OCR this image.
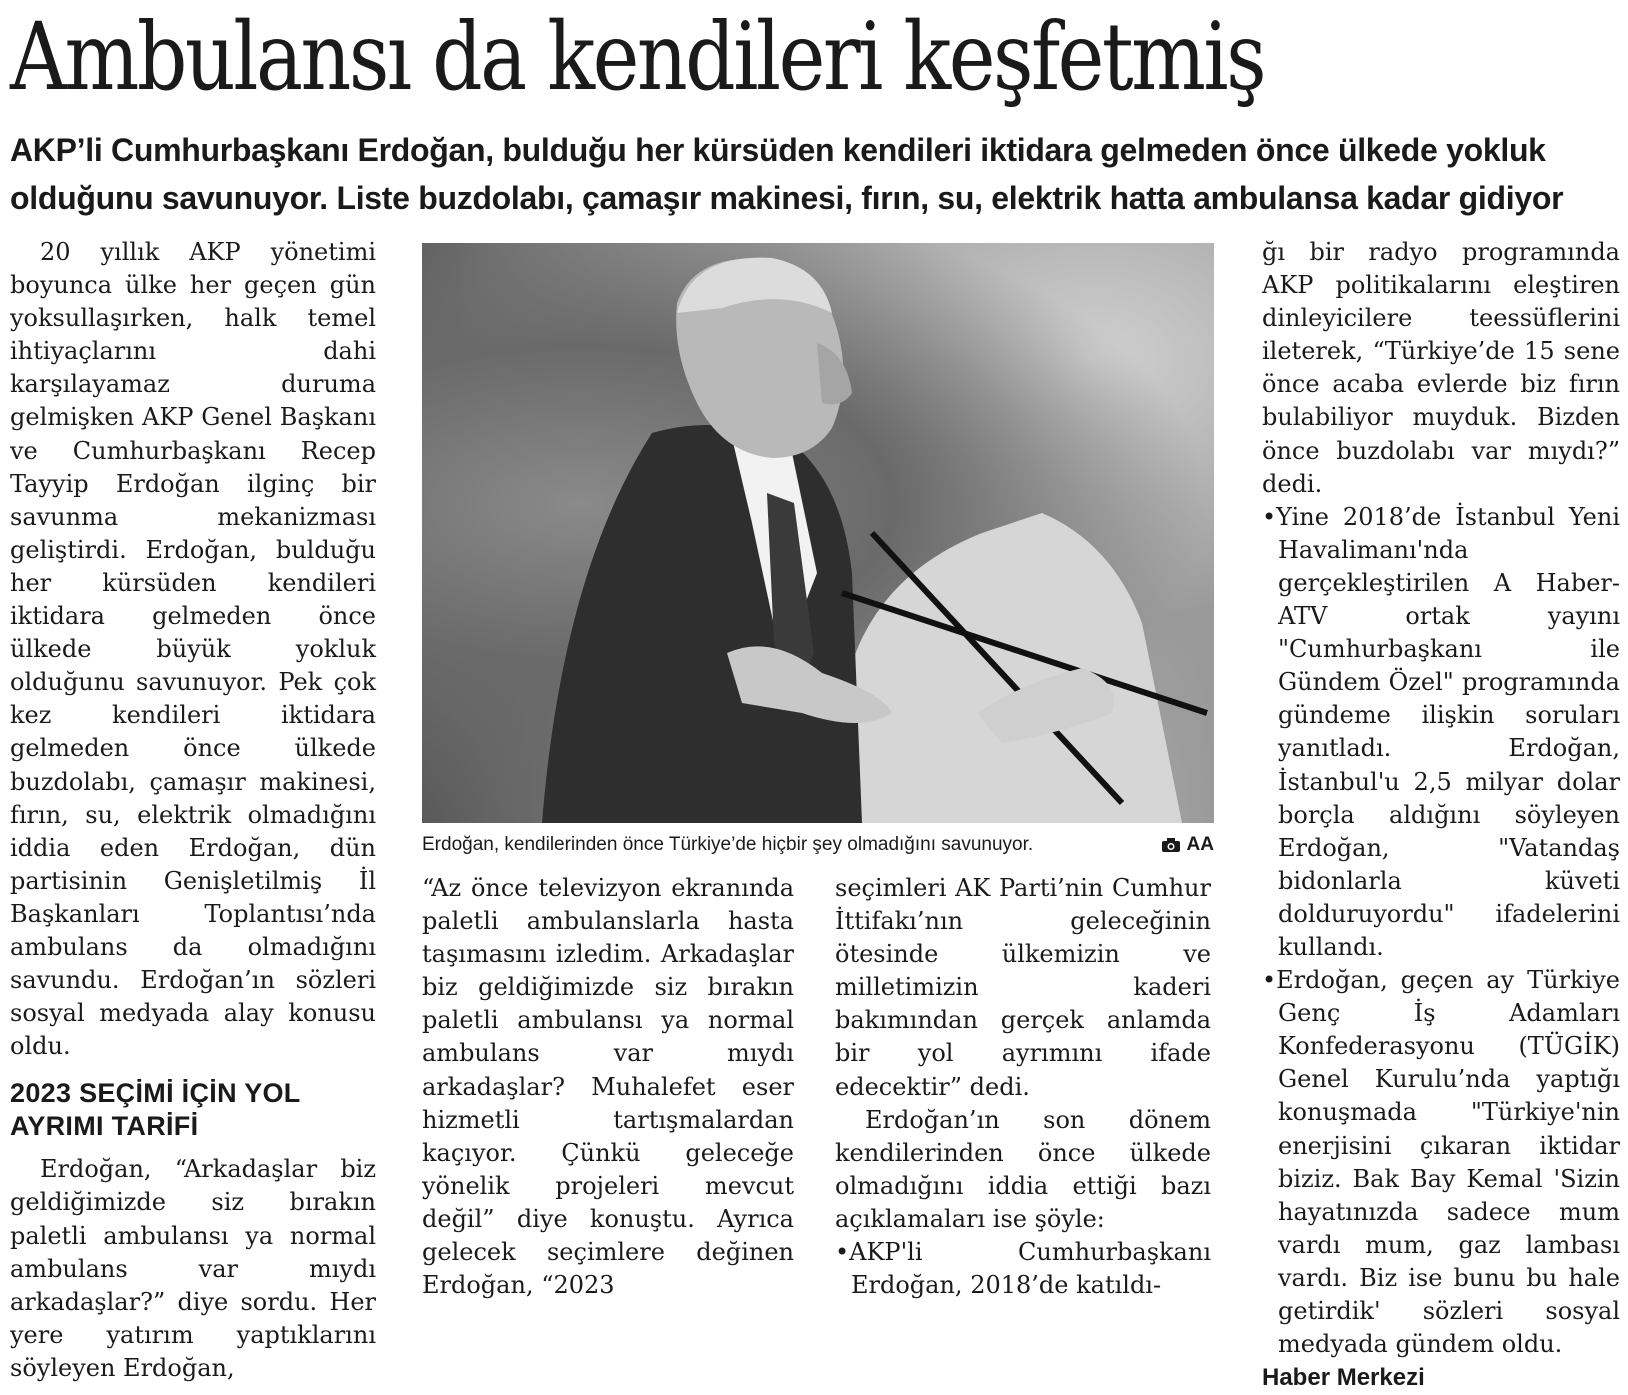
Ambulansı da kendileri keşfetmiş

AKP’li Cumhurbaşkanı Erdoğan, bulduğu her kürsüden kendileri iktidara gelmeden önce ülkede yokluk olduğunu savunuyor. Liste buzdolabı, çamaşır makinesi, fırın, su, elektrik hatta ambulansa kadar gidiyor

20 yıllık AKP yönetimi boyunca ülke her geçen gün yoksullaşırken, halk temel ihtiyaçlarını dahi karşılayamaz duruma gelmişken AKP Genel Başkanı ve Cumhurbaşkanı Recep Tayyip Erdoğan ilginç bir savunma mekanizması geliştirdi. Erdoğan, bulduğu her kürsüden kendileri iktidara gelmeden önce ülkede büyük yokluk olduğunu savunuyor. Pek çok kez kendileri iktidara gelmeden önce ülkede buzdolabı, çamaşır makinesi, fırın, su, elektrik olmadığını iddia eden Erdoğan, dün partisinin Genişletilmiş İl Başkanları Toplantısı’nda ambulans da olmadığını savundu. Erdoğan’ın sözleri sosyal medyada alay konusu oldu.

2023 SEÇİMİ İÇİN YOL AYRIMI TARİFİ

Erdoğan, “Arkadaşlar biz geldiğimizde siz bırakın paletli ambulansı ya normal ambulans var mıydı arkadaşlar?” diye sordu. Her yere yatırım yaptıklarını söyleyen Erdoğan,

Erdoğan, kendilerinden önce Türkiye’de hiçbir şey olmadığını savunuyor.	AA

“Az önce televizyon ekranında paletli ambulanslarla hasta taşımasını izledim. Arkadaşlar biz geldiğimizde siz bırakın paletli ambulansı ya normal ambulans var mıydı arkadaşlar? Muhalefet eser hizmetli tartışmalardan kaçıyor. Çünkü geleceğe yönelik projeleri mevcut değil” diye konuştu. Ayrıca gelecek seçimlere değinen Erdoğan, “2023

seçimleri AK Parti’nin Cumhur İttifakı’nın geleceğinin ötesinde ülkemizin ve milletimizin kaderi bakımından gerçek anlamda bir yol ayrımını ifade edecektir” dedi.

Erdoğan’ın son dönem kendilerinden önce ülkede olmadığını iddia ettiği bazı açıklamaları ise şöyle:

•AKP'li Cumhurbaşkanı Erdoğan, 2018’de katıldı-

ğı bir radyo programında AKP politikalarını eleştiren dinleyicilere teessüflerini ileterek, “Türkiye’de 15 sene önce acaba evlerde biz fırın bulabiliyor muyduk. Bizden önce buzdolabı var mıydı?” dedi.

•Yine 2018’de İstanbul Yeni Havalimanı'nda gerçekleştirilen A Haber-ATV ortak yayını "Cumhurbaşkanı ile Gündem Özel" programında gündeme ilişkin soruları yanıtladı. Erdoğan, İstanbul'u 2,5 milyar dolar borçla aldığını söyleyen Erdoğan, "Vatandaş bidonlarla küveti dolduruyordu" ifadelerini kullandı.

•Erdoğan, geçen ay Türkiye Genç İş Adamları Konfederasyonu (TÜGİK) Genel Kurulu’nda yaptığı konuşmada "Türkiye'nin enerjisini çıkaran iktidar biziz. Bak Bay Kemal 'Sizin hayatınızda sadece mum vardı mum, gaz lambası vardı. Biz ise bunu bu hale getirdik' sözleri sosyal medyada gündem oldu.

Haber Merkezi
